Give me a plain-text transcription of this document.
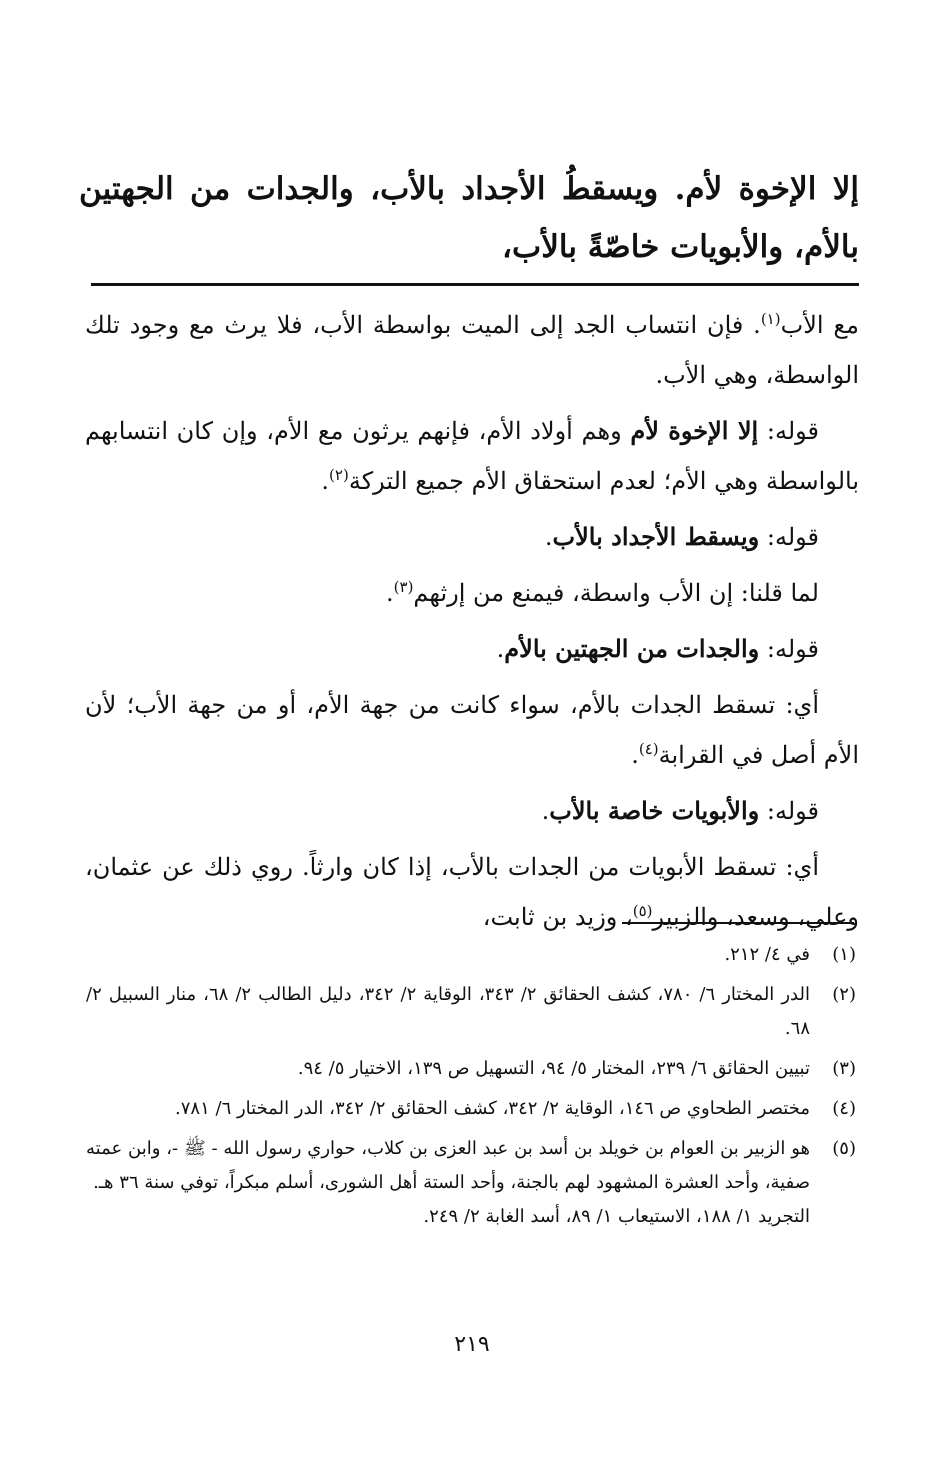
إلا الإخوة لأم. ويسقطُ الأجداد بالأب، والجدات من الجهتين بالأم، والأبويات خاصّةً بالأب،

مع الأب$^{(١)}$. فإن انتساب الجد إلى الميت بواسطة الأب، فلا يرث مع وجود تلك الواسطة، وهي الأب.

قوله: إلا الإخوة لأم وهم أولاد الأم، فإنهم يرثون مع الأم، وإن كان انتسابهم بالواسطة وهي الأم؛ لعدم استحقاق الأم جميع التركة$^{(٢)}$.

قوله: ويسقط الأجداد بالأب.

لما قلنا: إن الأب واسطة، فيمنع من إرثهم$^{(٣)}$.

قوله: والجدات من الجهتين بالأم.

أي: تسقط الجدات بالأم، سواء كانت من جهة الأم، أو من جهة الأب؛ لأن الأم أصل في القرابة$^{(٤)}$.

قوله: والأبويات خاصة بالأب.

أي: تسقط الأبويات من الجدات بالأب، إذا كان وارثاً. روي ذلك عن عثمان، وعلي، وسعد، والزبير$^{(٥)}$، وزيد بن ثابت،

(١)
في ٤/ ٢١٢.
(٢)
الدر المختار ٦/ ٧٨٠، كشف الحقائق ٢/ ٣٤٣، الوقاية ٢/ ٣٤٢، دليل الطالب ٢/ ٦٨، منار السبيل ٢/ ٦٨.
(٣)
تبيين الحقائق ٦/ ٢٣٩، المختار ٥/ ٩٤، التسهيل ص ١٣٩، الاختيار ٥/ ٩٤.
(٤)
مختصر الطحاوي ص ١٤٦، الوقاية ٢/ ٣٤٢، كشف الحقائق ٢/ ٣٤٢، الدر المختار ٦/ ٧٨١.
(٥)
هو الزبير بن العوام بن خويلد بن أسد بن عبد العزى بن كلاب، حواري رسول الله - ﷺ -، وابن عمته صفية، وأحد العشرة المشهود لهم بالجنة، وأحد الستة أهل الشورى، أسلم مبكراً، توفي سنة ٣٦ هـ.
التجريد ١/ ١٨٨، الاستيعاب ١/ ٨٩، أسد الغابة ٢/ ٢٤٩.
٢١٩
